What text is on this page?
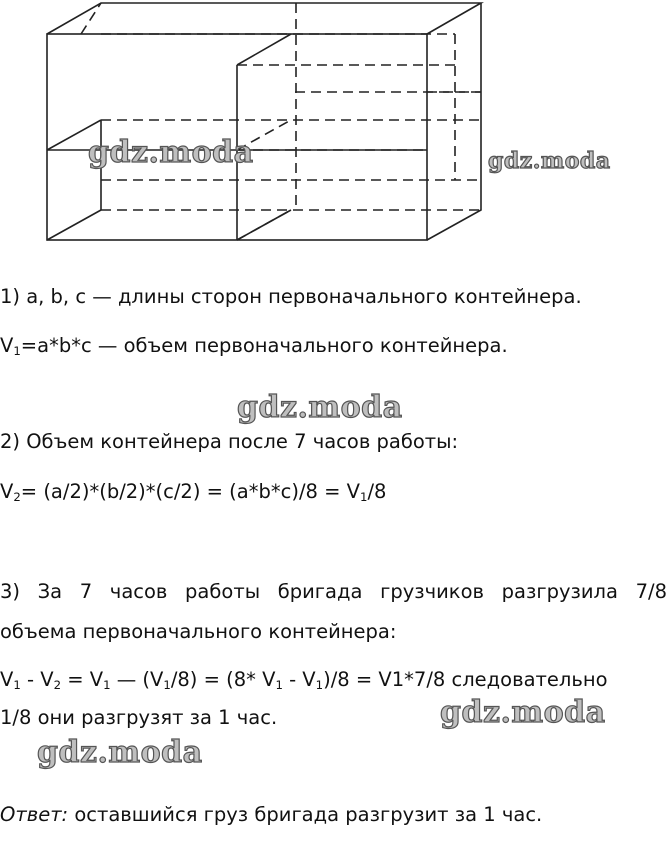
gdz.moda	gdz.moda
gdz.moda
gdz.moda
gdz.moda
1) a, b, c — длины сторон первоначального контейнера.
$V_1=a*b*c$ — объем первоначального контейнера.
2) Объем контейнера после 7 часов работы:
$V_2= (a/2)*(b/2)*(c/2) = (a*b*c)/8 = V_1/8$
3) За 7 часов работы бригада грузчиков разгрузила 7/8
объема первоначального контейнера:
$V_1 - V_2 = V_1$ — $(V_1/8) = (8*$ $V_1 - V_1)/8 = V1*7/8$ следовательно
1/8 они разгрузят за 1 час.
Ответ: оставшийся груз бригада разгрузит за 1 час.
